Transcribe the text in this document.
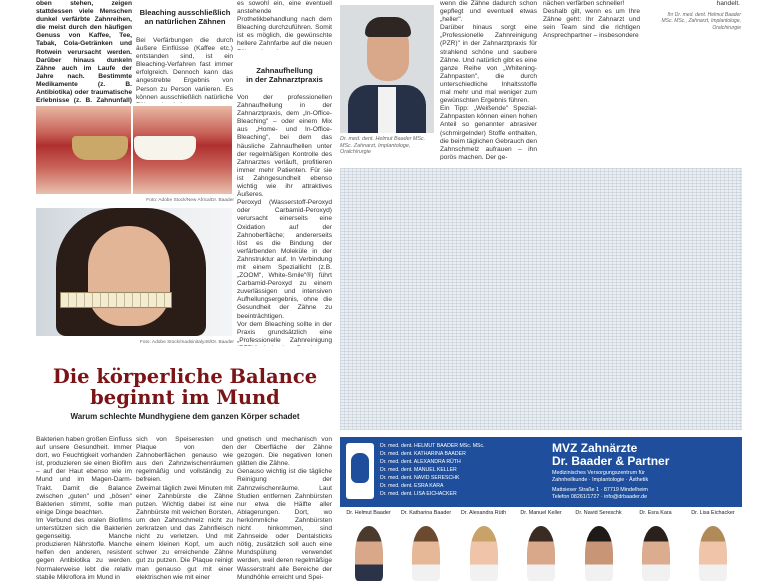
oben stehen, zeigen stattdessen viele Menschen dunkel verfärbte Zahnreihen, die meist durch den häufigen Genuss von Kaffee, Tee, Tabak, Cola-Getränken und Rotwein verursacht werden. Darüber hinaus dunkeln Zähne auch im Laufe der Jahre nach. Bestimmte Medikamente (z. B. Antibiotika) oder traumatische Erlebnisse (z. B. Zahnunfall)
Bleaching ausschließlich
an natürlichen Zähnen
Bei Verfärbungen die durch äußere Einflüsse (Kaffee etc.) entstanden sind, ist ein Bleaching-Verfahren fast immer erfolgreich. Dennoch kann das angestrebte Ergebnis von Person zu Person variieren. Es können ausschließlich natürliche
Foto: Adobe Stock/New Africa/Dr. Baader
Foto: Adobe Stock/madsinitaly46/Dr. Baader
es sowohl ein, eine eventuell anstehende Prothetikbehandlung nach dem Bleaching durchzuführen. Somit ist es möglich, die gewünschte hellere Zahnfarbe auf die neuen
Zahnaufhellung
in der Zahnarztpraxis
Von der professionellen Zahnaufhellung in der Zahnarztpraxis, dem „In-Office-Bleaching" – oder einem Mix aus „Home- und In-Office-Bleaching", bei dem das häusliche Zahnaufhellen unter der regelmäßigen Kontrolle des Zahnarztes verläuft, profitieren immer mehr Patienten. Für sie ist Zahngesundheit ebenso wichtig wie ihr attraktives Äußeres.
Peroxyd (Wasserstoff-Peroxyd oder Carbamid-Peroxyd) verursacht einerseits eine Oxidation auf der Zahnoberfläche; andererseits löst es die Bindung der verfärbenden Moleküle in der Zahnstruktur auf. In Verbindung mit einem Speziallicht (z.B. „ZOOM", White-Smile"®) führt Carbamid-Peroxyd zu einem zuverlässigen und intensiven Aufhellungsergebnis, ohne die Gesundheit der Zähne zu beeinträchtigen.
Vor dem Bleaching sollte in der Praxis grundsätzlich eine „Professionelle Zahnreinigung
Dr. med. dent. Helmut Baader MSc. MSc. Zahnarzt, Implantologe, Oralchirurgie
wenn die Zähne dadurch schon gepflegt und eventuell etwas „heller".
Darüber hinaus sorgt eine „Professionelle Zahnreinigung (PZR)" in der Zahnarztpraxis für strahlend schöne und saubere Zähne. Und natürlich gibt es eine ganze Reihe von „Whitening-Zahnpasten", die durch unterschiedliche Inhaltsstoffe mal mehr und mal weniger zum gewünschten Ergebnis führen.
Ein Tipp: „Weißende" Spezial-Zahnpasten können einen hohen Anteil so genannter abrasiver (schmirgelnder) Stoffe enthalten, die beim täglichen Gebrauch den Zahnschmelz aufrauen – ihn porös machen. Der ge-
nächen verfärben schneller!
Deshalb gilt, wenn es um Ihre Zähne geht: Ihr Zahnarzt und sein Team sind die richtigen Ansprechpartner – insbesondere
handelt.
Ihr Dr. med. dent. Helmut Baader MSc. MSc., Zahnarzt, Implantologe, Oralchirurgie
Die körperliche Balance
beginnt im Mund
Warum schlechte Mundhygiene dem ganzen Körper schadet
Bakterien haben großen Einfluss auf unsere Gesundheit. Immer dort, wo Feuchtigkeit vorhanden ist, produzieren sie einen Biofilm – auf der Haut ebenso wie im Mund und im Magen-Darm-Trakt. Damit die Balance zwischen „guten" und „bösen" Bakterien stimmt, sollte man einige Dinge beachten.
Im Verbund des oralen Biofilms unterstützen sich die Bakterien gegenseitig. Manche produzieren Nährstoffe. Manche helfen den anderen, resistent gegen Antibiotika zu werden. Normalerweise lebt die relativ stabile Mikroflora im Mund in
sich von Speiseresten und Plaque von den Zahnoberflächen genauso wie aus den Zahnzwischenräumen regelmäßig und vollständig zu befreien.
Zweimal täglich zwei Minuten mit einer Zahnbürste die Zähne putzen. Wichtig dabei ist eine Zahnbürste mit weichen Borsten, um den Zahnschmelz nicht zu zerkratzen und das Zahnfleisch nicht zu verletzen. Und mit einem kleinen Kopf, um auch schwer zu erreichende Zähne gut zu putzen. Die Plaque reinigt man genauso gut mit einer elektrischen wie mit einer
gnetisch und mechanisch von der Oberfläche der Zähne gezogen. Die negativen Ionen glätten die Zähne.
Genauso wichtig ist die tägliche Reinigung der Zahnzwischenräume. Laut Studien entfernen Zahnbürsten nur etwa die Hälfte aller Ablagerungen. Dort, wo herkömmliche Zahnbürsten nicht hinkommen, sind Zahnseide oder Dentalsticks nötig, zusätzlich soll auch eine Mundspülung verwendet werden, weil deren regelmäßige Wasserstrahl alle Bereiche der Mundhöhle erreicht und Spei-
Dr. med. dent. HELMUT BAADER MSc. MSc.
Dr. med. dent. KATHARINA BAADER
Dr. med. dent. ALEXANDRA RÜTH
Dr. med. dent. MANUEL KELLER
Dr. med. dent. NAVID SERESCHK
Dr. med. dent. ESRA KARA
Dr. med. dent. LISA EICHACKER
MVZ Zahnärzte
Dr. Baader & Partner
Medizinisches Versorgungszentrum für
Zahnheilkunde · Implantologie · Ästhetik
Mattsieser Straße 1 · 87719 Mindelheim
Telefon 08261/1727 · info@drbaader.de
Dr. Helmut Baader	Dr. Katharina Baader	Dr. Alexandra Rüth	Dr. Manuel Keller	Dr. Navid Sereschk	Dr. Esra Kara	Dr. Lisa Eichacker
